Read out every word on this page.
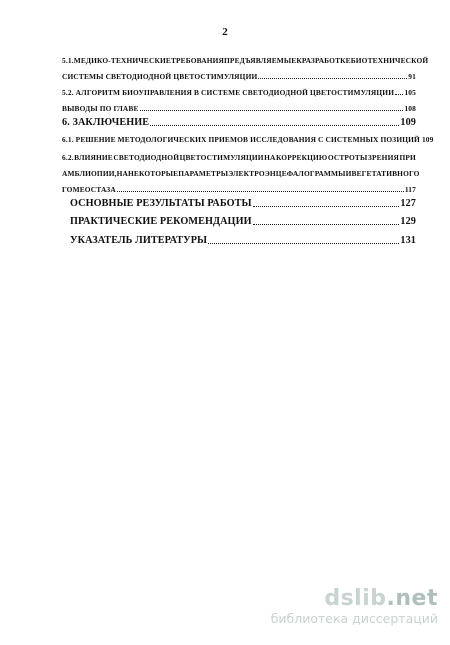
2
5.1. МЕДИКО-ТЕХНИЧЕСКИЕ ТРЕБОВАНИЯ ПРЕДЪЯВЛЯЕМЫЕ К РАЗРАБОТКЕ БИОТЕХНИЧЕСКОЙ
СИСТЕМЫ СВЕТОДИОДНОЙ ЦВЕТОСТИМУЛЯЦИИ	91
5.2. АЛГОРИТМ БИОУПРАВЛЕНИЯ В СИСТЕМЕ СВЕТОДИОДНОЙ ЦВЕТОСТИМУЛЯЦИИ 105
ВЫВОДЫ ПО ГЛАВЕ	108
6. ЗАКЛЮЧЕНИЕ	109
6.1. РЕШЕНИЕ МЕТОДОЛОГИЧЕСКИХ ПРИЕМОВ ИССЛЕДОВАНИЯ С СИСТЕМНЫХ ПОЗИЦИЙ 109
6.2. ВЛИЯНИЕ СВЕТОДИОДНОЙ ЦВЕТОСТИМУЛЯЦИИ НА КОРРЕКЦИЮ ОСТРОТЫ ЗРЕНИЯ ПРИ
АМБЛИОПИИ, НА НЕКОТОРЫЕ ПАРАМЕТРЫ ЭЛЕКТРОЭНЦЕФАЛОГРАММЫ И ВЕГЕТАТИВНОГО
ГОМЕОСТАЗА	117
ОСНОВНЫЕ РЕЗУЛЬТАТЫ РАБОТЫ	127
ПРАКТИЧЕСКИЕ РЕКОМЕНДАЦИИ	129
УКАЗАТЕЛЬ ЛИТЕРАТУРЫ	131
dslib.net
библиотека диссертаций
